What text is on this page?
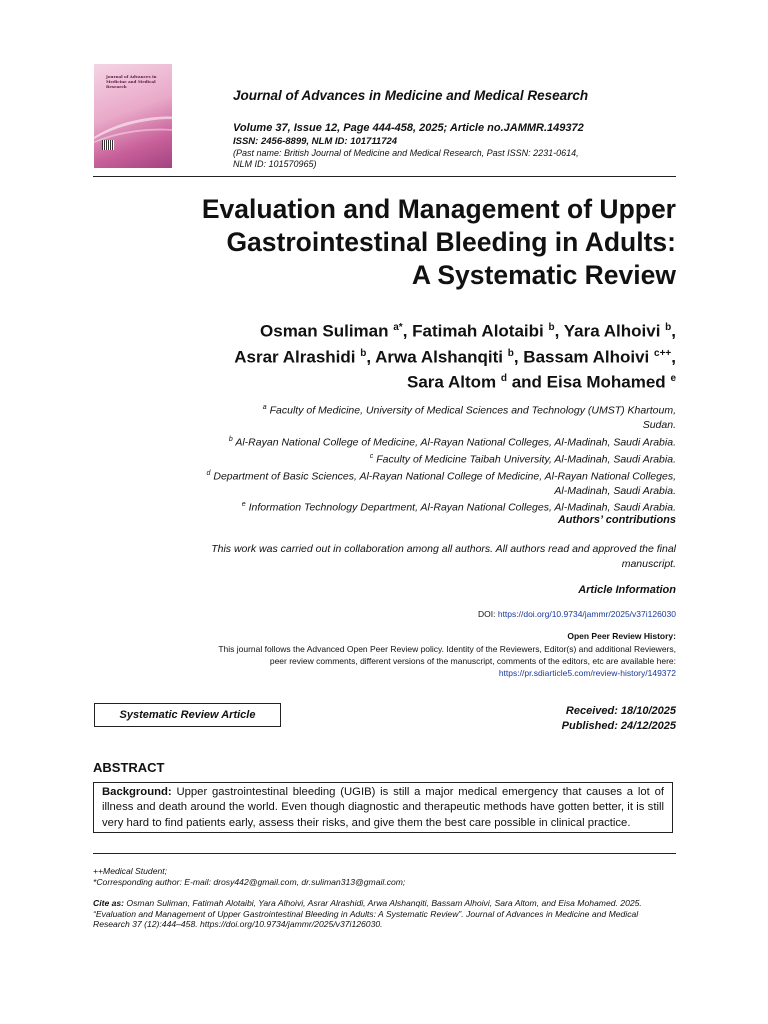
Journal of Advances in Medicine and Medical Research
Journal of Advances in Medicine and Medical Research
Volume 37, Issue 12, Page 444-458, 2025; Article no.JAMMR.149372
ISSN: 2456-8899, NLM ID: 101711724
(Past name: British Journal of Medicine and Medical Research, Past ISSN: 2231-0614,
NLM ID: 101570965)
Evaluation and Management of Upper
Gastrointestinal Bleeding in Adults:
A Systematic Review
Osman Suliman $^{a*}$, Fatimah Alotaibi $^b$, Yara Alhoivi $^b$,
Asrar Alrashidi $^b$, Arwa Alshanqiti $^b$, Bassam Alhoivi $^{c++}$,
Sara Altom $^d$ and Eisa Mohamed $^e$
$^a$ Faculty of Medicine, University of Medical Sciences and Technology (UMST) Khartoum,
Sudan.
$^b$ Al-Rayan National College of Medicine, Al-Rayan National Colleges, Al-Madinah, Saudi Arabia.
$^c$ Faculty of Medicine Taibah University, Al-Madinah, Saudi Arabia.
$^d$ Department of Basic Sciences, Al-Rayan National College of Medicine, Al-Rayan National Colleges,
Al-Madinah, Saudi Arabia.
$^e$ Information Technology Department, Al-Rayan National Colleges, Al-Madinah, Saudi Arabia.
Authors’ contributions
This work was carried out in collaboration among all authors. All authors read and approved the final
manuscript.
Article Information
DOI: https://doi.org/10.9734/jammr/2025/v37i126030
Open Peer Review History:
This journal follows the Advanced Open Peer Review policy. Identity of the Reviewers, Editor(s) and additional Reviewers,
peer review comments, different versions of the manuscript, comments of the editors, etc are available here:
https://pr.sdiarticle5.com/review-history/149372
Systematic Review Article	Received: 18/10/2025
Published: 24/12/2025
ABSTRACT
Background: Upper gastrointestinal bleeding (UGIB) is still a major medical emergency that causes a lot of illness and death around the world. Even though diagnostic and therapeutic methods have gotten better, it is still very hard to find patients early, assess their risks, and give them the best care possible in clinical practice.
++Medical Student;
*Corresponding author: E-mail: drosy442@gmail.com, dr.suliman313@gmail.com;
Cite as: Osman Suliman, Fatimah Alotaibi, Yara Alhoivi, Asrar Alrashidi, Arwa Alshanqiti, Bassam Alhoivi, Sara Altom, and Eisa Mohamed. 2025. “Evaluation and Management of Upper Gastrointestinal Bleeding in Adults: A Systematic Review”. Journal of Advances in Medicine and Medical Research 37 (12):444–458. https://doi.org/10.9734/jammr/2025/v37i126030.
